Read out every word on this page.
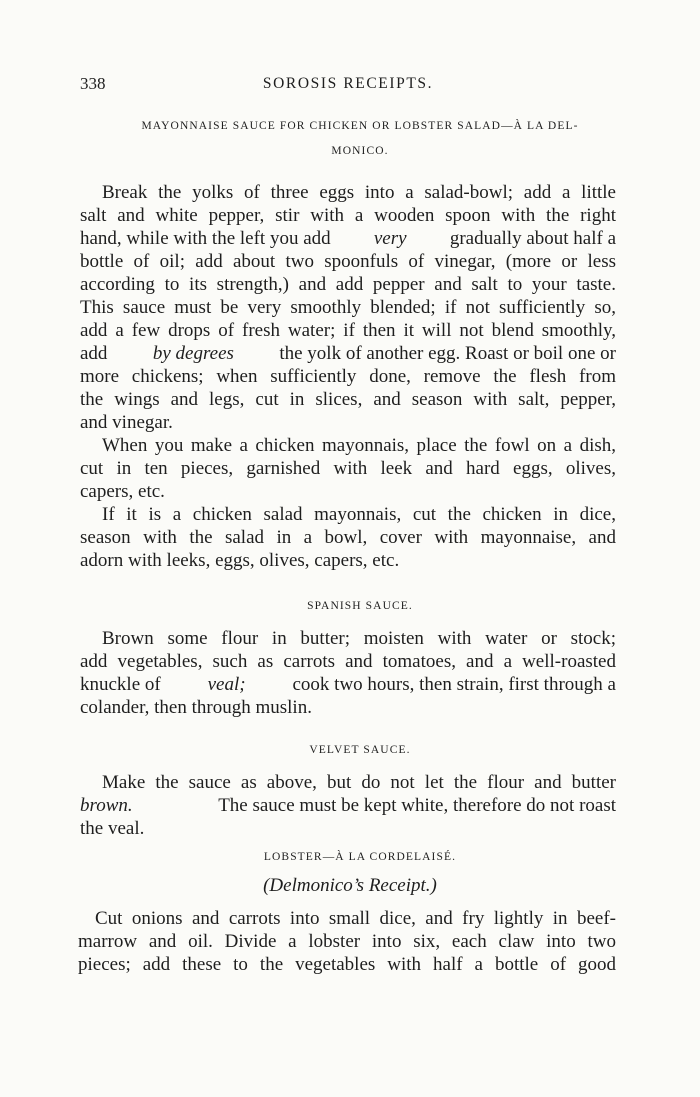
338	SOROSIS RECEIPTS.
MAYONNAISE SAUCE FOR CHICKEN OR LOBSTER SALAD—À LA DEL-
MONICO.
Break the yolks of three eggs into a salad-bowl; add a little
salt and white pepper, stir with a wooden spoon with the right
hand, while with the left you add very gradually about half a
bottle of oil; add about two spoonfuls of vinegar, (more or less
according to its strength,) and add pepper and salt to your taste.
This sauce must be very smoothly blended; if not sufficiently so,
add a few drops of fresh water; if then it will not blend smoothly,
add by degrees the yolk of another egg. Roast or boil one or
more chickens; when sufficiently done, remove the flesh from
the wings and legs, cut in slices, and season with salt, pepper,
and vinegar.
When you make a chicken mayonnais, place the fowl on a dish,
cut in ten pieces, garnished with leek and hard eggs, olives,
capers, etc.
If it is a chicken salad mayonnais, cut the chicken in dice,
season with the salad in a bowl, cover with mayonnaise, and
adorn with leeks, eggs, olives, capers, etc.
SPANISH SAUCE.
Brown some flour in butter; moisten with water or stock;
add vegetables, such as carrots and tomatoes, and a well-roasted
knuckle of veal; cook two hours, then strain, first through a
colander, then through muslin.
VELVET SAUCE.
Make the sauce as above, but do not let the flour and butter
brown.	The sauce must be kept white, therefore do not roast
the veal.
LOBSTER—À LA CORDELAISÉ.
(Delmonico’s Receipt.)
Cut onions and carrots into small dice, and fry lightly in beef-
marrow and oil. Divide a lobster into six, each claw into two
pieces; add these to the vegetables with half a bottle of good
